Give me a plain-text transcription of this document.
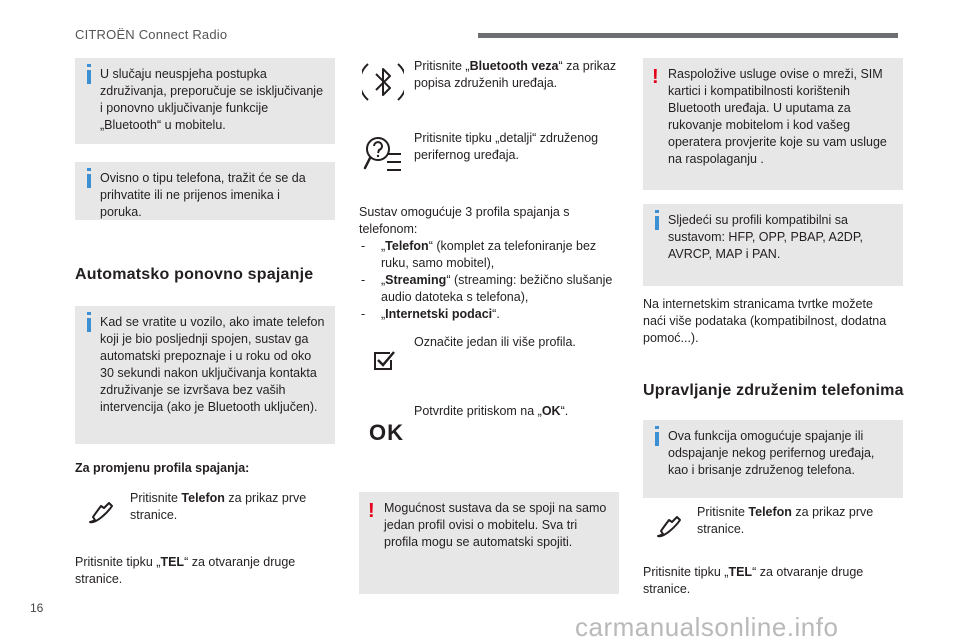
CITROËN Connect Radio
U slučaju neuspjeha postupka združivanja, preporučuje se isključivanje i ponovno uključivanje funkcije „Bluetooth“ u mobitelu.
Ovisno o tipu telefona, tražit će se da prihvatite ili ne prijenos imenika i poruka.
Automatsko ponovno spajanje
Kad se vratite u vozilo, ako imate telefon koji je bio posljednji spojen, sustav ga automatski prepoznaje i u roku od oko 30 sekundi nakon uključivanja kontakta združivanje se izvršava bez vaših intervencija (ako je Bluetooth uključen).
Za promjenu profila spajanja:
Pritisnite Telefon za prikaz prve stranice.
Pritisnite tipku „TEL“ za otvaranje druge stranice.
Pritisnite „Bluetooth veza“ za prikaz popisa združenih uređaja.
Pritisnite tipku „detalji“ združenog perifernog uređaja.
Sustav omogućuje 3 profila spajanja s telefonom:
- „Telefon“ (komplet za telefoniranje bez ruku, samo mobitel),
- „Streaming“ (streaming: bežično slušanje audio datoteka s telefona),
- „Internetski podaci“.
Označite jedan ili više profila.
OK
Potvrdite pritiskom na „OK“.
! Mogućnost sustava da se spoji na samo jedan profil ovisi o mobitelu. Sva tri profila mogu se automatski spojiti.
! Raspoložive usluge ovise o mreži, SIM kartici i kompatibilnosti korištenih Bluetooth uređaja. U uputama za rukovanje mobitelom i kod vašeg operatera provjerite koje su vam usluge na raspolaganju .
Sljedeći su profili kompatibilni sa sustavom: HFP, OPP, PBAP, A2DP, AVRCP, MAP i PAN.
Na internetskim stranicama tvrtke možete naći više podataka (kompatibilnost, dodatna pomoć...).
Upravljanje združenim telefonima
Ova funkcija omogućuje spajanje ili odspajanje nekog perifernog uređaja, kao i brisanje združenog telefona.
Pritisnite Telefon za prikaz prve stranice.
Pritisnite tipku „TEL“ za otvaranje druge stranice.
16
carmanualsonline.info
